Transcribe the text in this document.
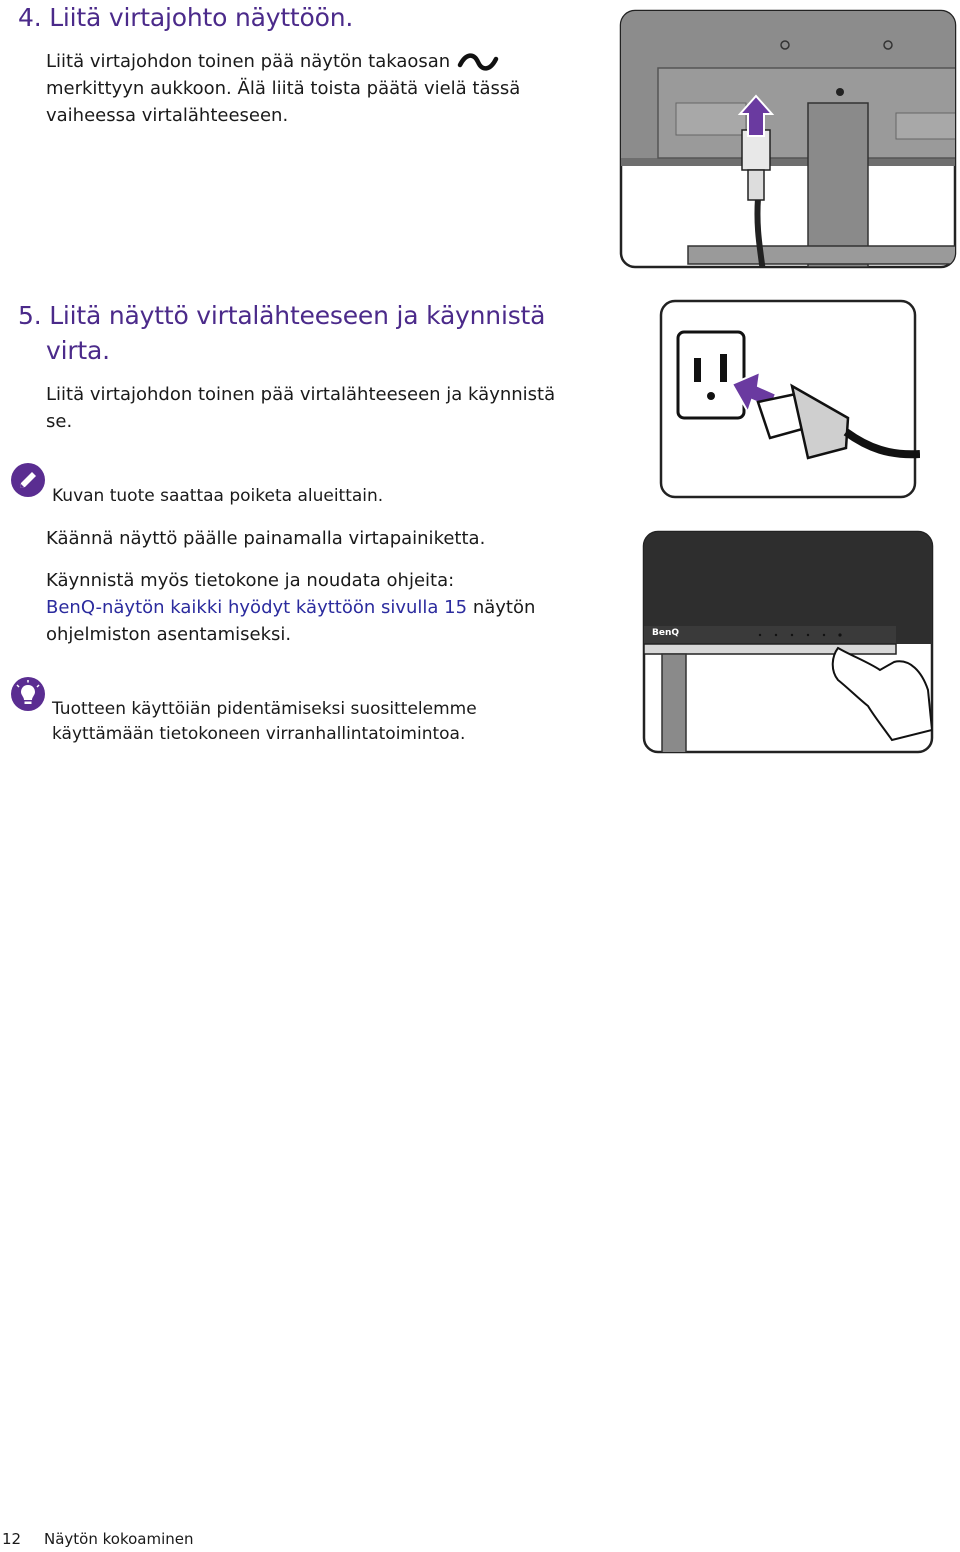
4. Liitä virtajohto näyttöön.

Liitä virtajohdon toinen pää näytön takaosan

merkittyyn aukkoon. Älä liitä toista päätä vielä tässä

vaiheessa virtalähteeseen.

5. Liitä näyttö virtalähteeseen ja käynnistä
virta.

Liitä virtajohdon toinen pää virtalähteeseen ja käynnistä

se.

Kuvan tuote saattaa poiketa alueittain.

Käännä näyttö päälle painamalla virtapainiketta.

Käynnistä myös tietokone ja noudata ohjeita:

BenQ-näytön kaikki hyödyt käyttöön sivulla 15 näytön

ohjelmiston asentamiseksi.	BenQ

Tuotteen käyttöiän pidentämiseksi suosittelemme

käyttämään tietokoneen virranhallintatoimintoa.

12 Näytön kokoaminen
